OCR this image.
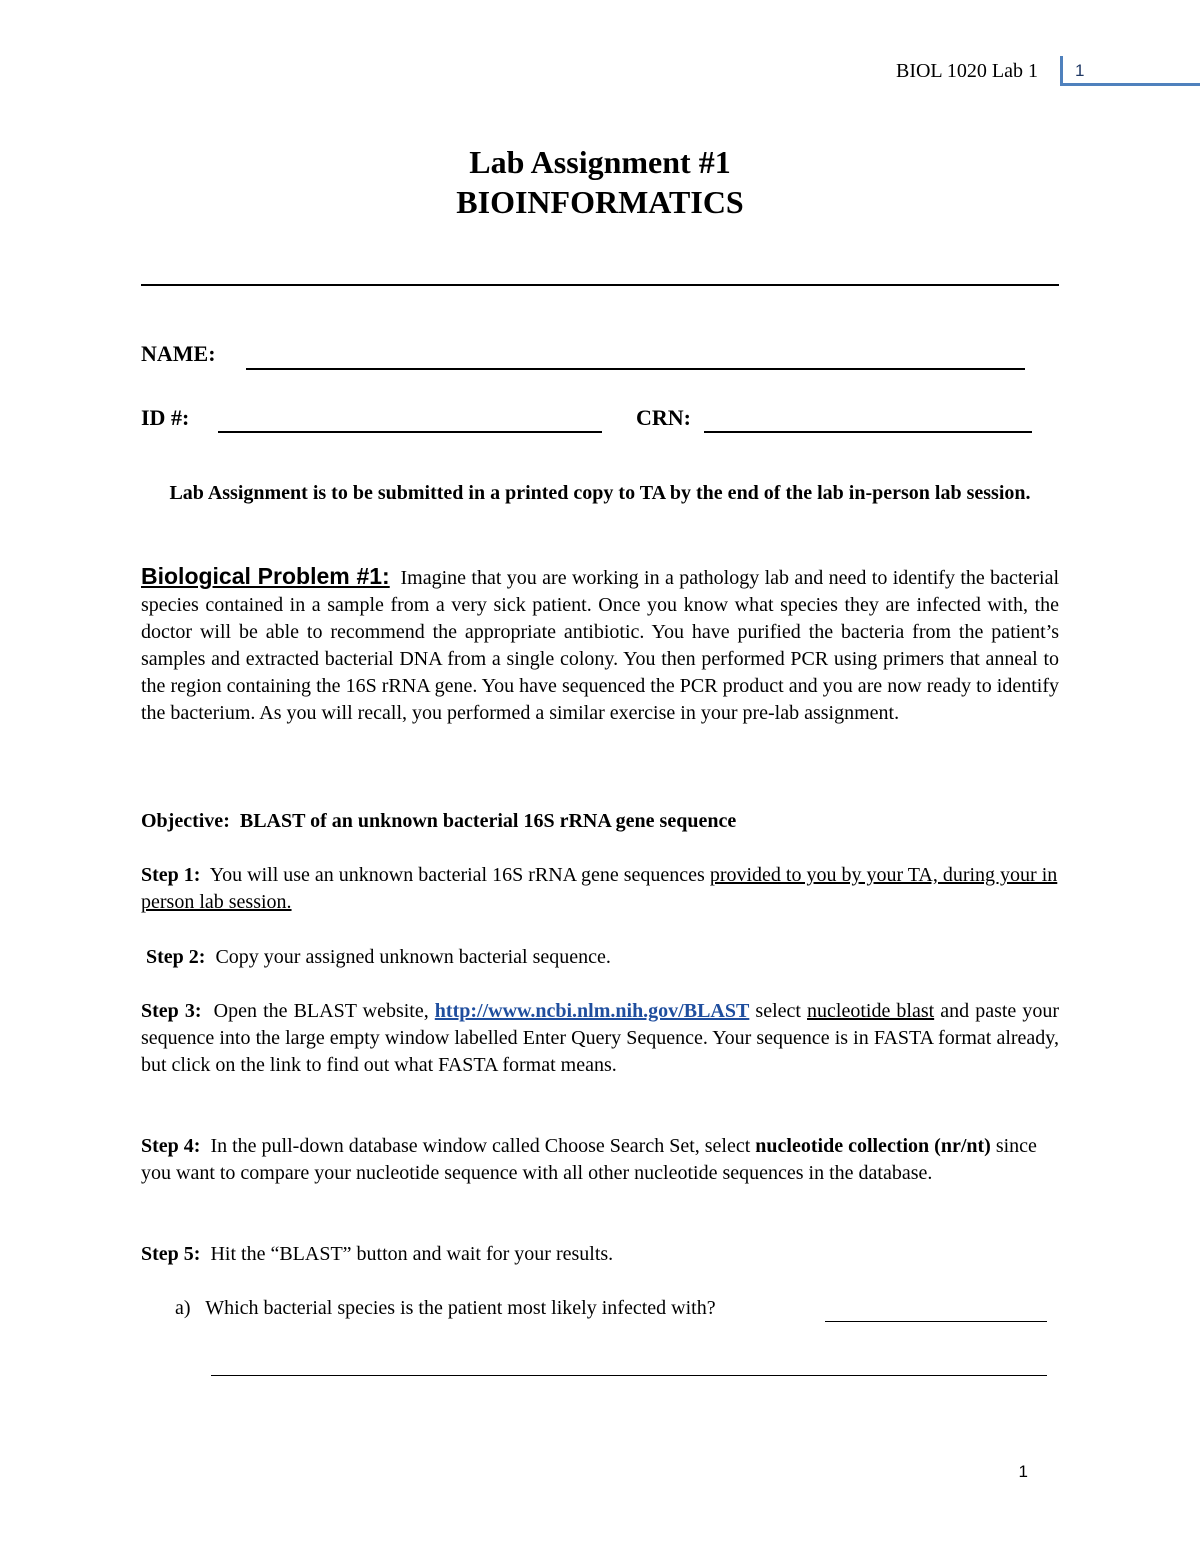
BIOL 1020 Lab 1	1
Lab Assignment #1
BIOINFORMATICS
NAME:
ID #:	CRN:
Lab Assignment is to be submitted in a printed copy to TA by the end of the lab in-person lab session.
Biological Problem #1: Imagine that you are working in a pathology lab and need to identify the bacterial species contained in a sample from a very sick patient. Once you know what species they are infected with, the doctor will be able to recommend the appropriate antibiotic. You have purified the bacteria from the patient’s samples and extracted bacterial DNA from a single colony. You then performed PCR using primers that anneal to the region containing the 16S rRNA gene. You have sequenced the PCR product and you are now ready to identify the bacterium. As you will recall, you performed a similar exercise in your pre-lab assignment.
Objective: BLAST of an unknown bacterial 16S rRNA gene sequence
Step 1: You will use an unknown bacterial 16S rRNA gene sequences provided to you by your TA, during your in person lab session.
Step 2: Copy your assigned unknown bacterial sequence.
Step 3: Open the BLAST website, http://www.ncbi.nlm.nih.gov/BLAST select nucleotide blast and paste your sequence into the large empty window labelled Enter Query Sequence. Your sequence is in FASTA format already, but click on the link to find out what FASTA format means.
Step 4: In the pull-down database window called Choose Search Set, select nucleotide collection (nr/nt) since you want to compare your nucleotide sequence with all other nucleotide sequences in the database.
Step 5: Hit the “BLAST” button and wait for your results.
a) Which bacterial species is the patient most likely infected with?
1
